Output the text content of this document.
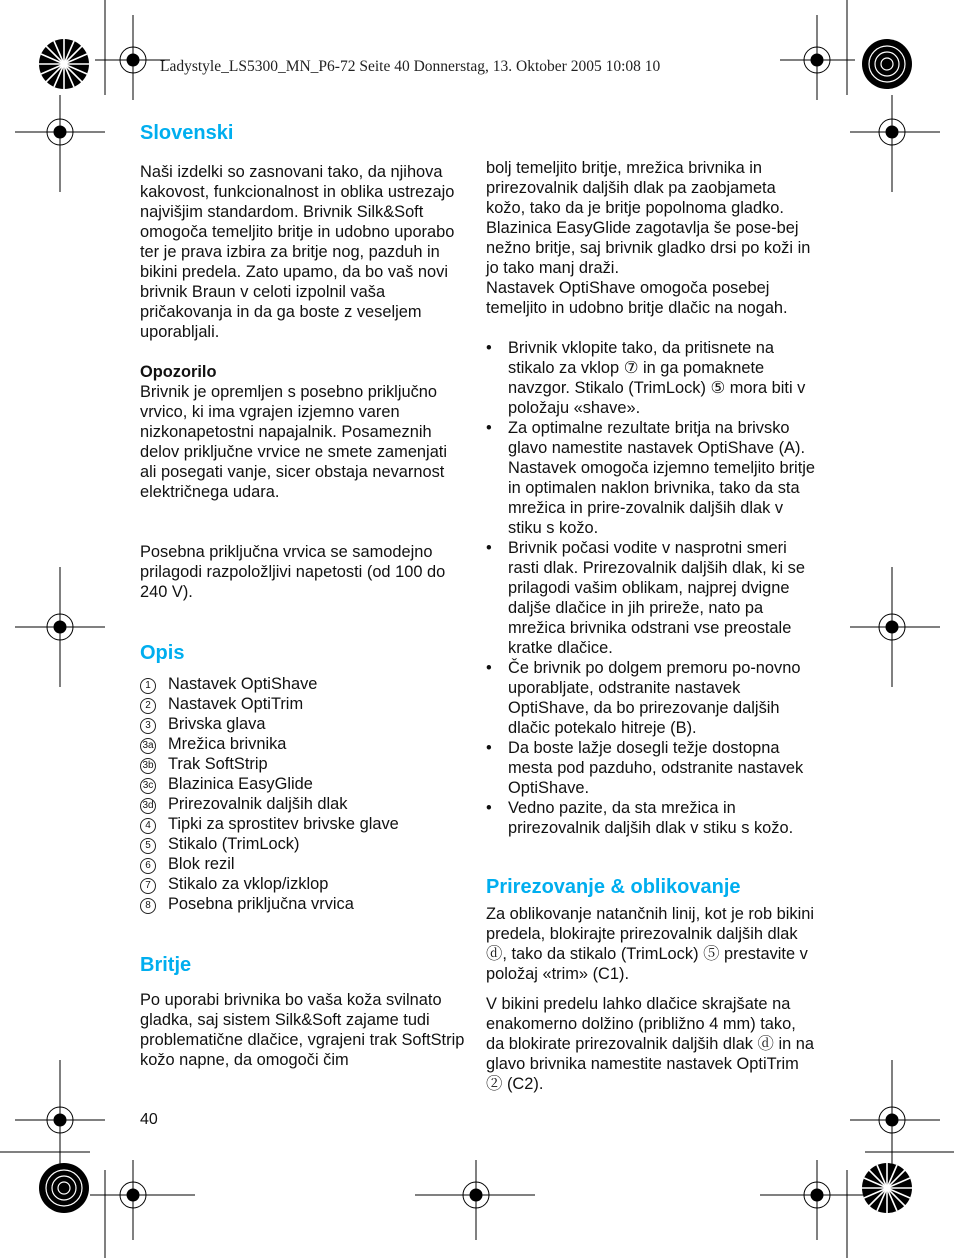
Ladystyle_LS5300_MN_P6-72 Seite 40 Donnerstag, 13. Oktober 2005 10:08 10
Slovenski

Naši izdelki so zasnovani tako, da njihova kakovost, funkcionalnost in oblika ustrezajo najvišjim standardom. Brivnik Silk&Soft omogoča temeljito britje in udobno uporabo ter je prava izbira za britje nog, pazduh in bikini predela. Zato upamo, da bo vaš novi brivnik Braun v celoti izpolnil vaša pričakovanja in da ga boste z veseljem uporabljali.

Opozorilo

Brivnik je opremljen s posebno priključno vrvico, ki ima vgrajen izjemno varen nizkonapetostni napajalnik. Posameznih delov priključne vrvice ne smete zamenjati ali posegati vanje, sicer obstaja nevarnost električnega udara.

Posebna priključna vrvica se samodejno prilagodi razpoložljivi napetosti (od 100 do 240 V).

Opis
1	Nastavek OptiShave
2	Nastavek OptiTrim
3	Brivska glava
3a Mrežica brivnika
3b Trak SoftStrip
3c Blazinica EasyGlide
3d Prirezovalnik daljših dlak
4	Tipki za sprostitev brivske glave
5	Stikalo (TrimLock)
6	Blok rezil
7	Stikalo za vklop/izklop
8	Posebna priključna vrvica
Britje

Po uporabi brivnika bo vaša koža svilnato gladka, saj sistem Silk&Soft zajame tudi problematične dlačice, vgrajeni trak SoftStrip kožo napne, da omogoči čim

bolj temeljito britje, mrežica brivnika in prirezovalnik daljših dlak pa zaobjameta kožo, tako da je britje popolnoma gladko. Blazinica EasyGlide zagotavlja še pose-bej nežno britje, saj brivnik gladko drsi po koži in jo tako manj draži.

Nastavek OptiShave omogoča posebej temeljito in udobno britje dlačic na nogah.

• Brivnik vklopite tako, da pritisnete na stikalo za vklop ⑦ in ga pomaknete navzgor. Stikalo (TrimLock) ⑤ mora biti v položaju «shave».
• Za optimalne rezultate britja na brivsko glavo namestite nastavek OptiShave (A). Nastavek omogoča izjemno temeljito britje in optimalen naklon brivnika, tako da sta mrežica in prire-zovalnik daljših dlak v stiku s kožo.
• Brivnik počasi vodite v nasprotni smeri rasti dlak. Prirezovalnik daljših dlak, ki se prilagodi vašim oblikam, najprej dvigne daljše dlačice in jih prireže, nato pa mrežica brivnika odstrani vse preostale kratke dlačice.
• Če brivnik po dolgem premoru po-novno uporabljate, odstranite nastavek OptiShave, da bo prirezovanje daljših dlačic potekalo hitreje (B).
• Da boste lažje dosegli težje dostopna mesta pod pazduho, odstranite nastavek OptiShave.
• Vedno pazite, da sta mrežica in prirezovalnik daljših dlak v stiku s kožo.
Prirezovanje & oblikovanje

Za oblikovanje natančnih linij, kot je rob bikini predela, blokirajte prirezovalnik daljših dlak ⓓ, tako da stikalo (TrimLock) ⑤ prestavite v položaj «trim» (C1).

V bikini predelu lahko dlačice skrajšate na enakomerno dolžino (približno 4 mm) tako, da blokirate prirezovalnik daljših dlak ⓓ in na glavo brivnika namestite nastavek OptiTrim ② (C2).

40
